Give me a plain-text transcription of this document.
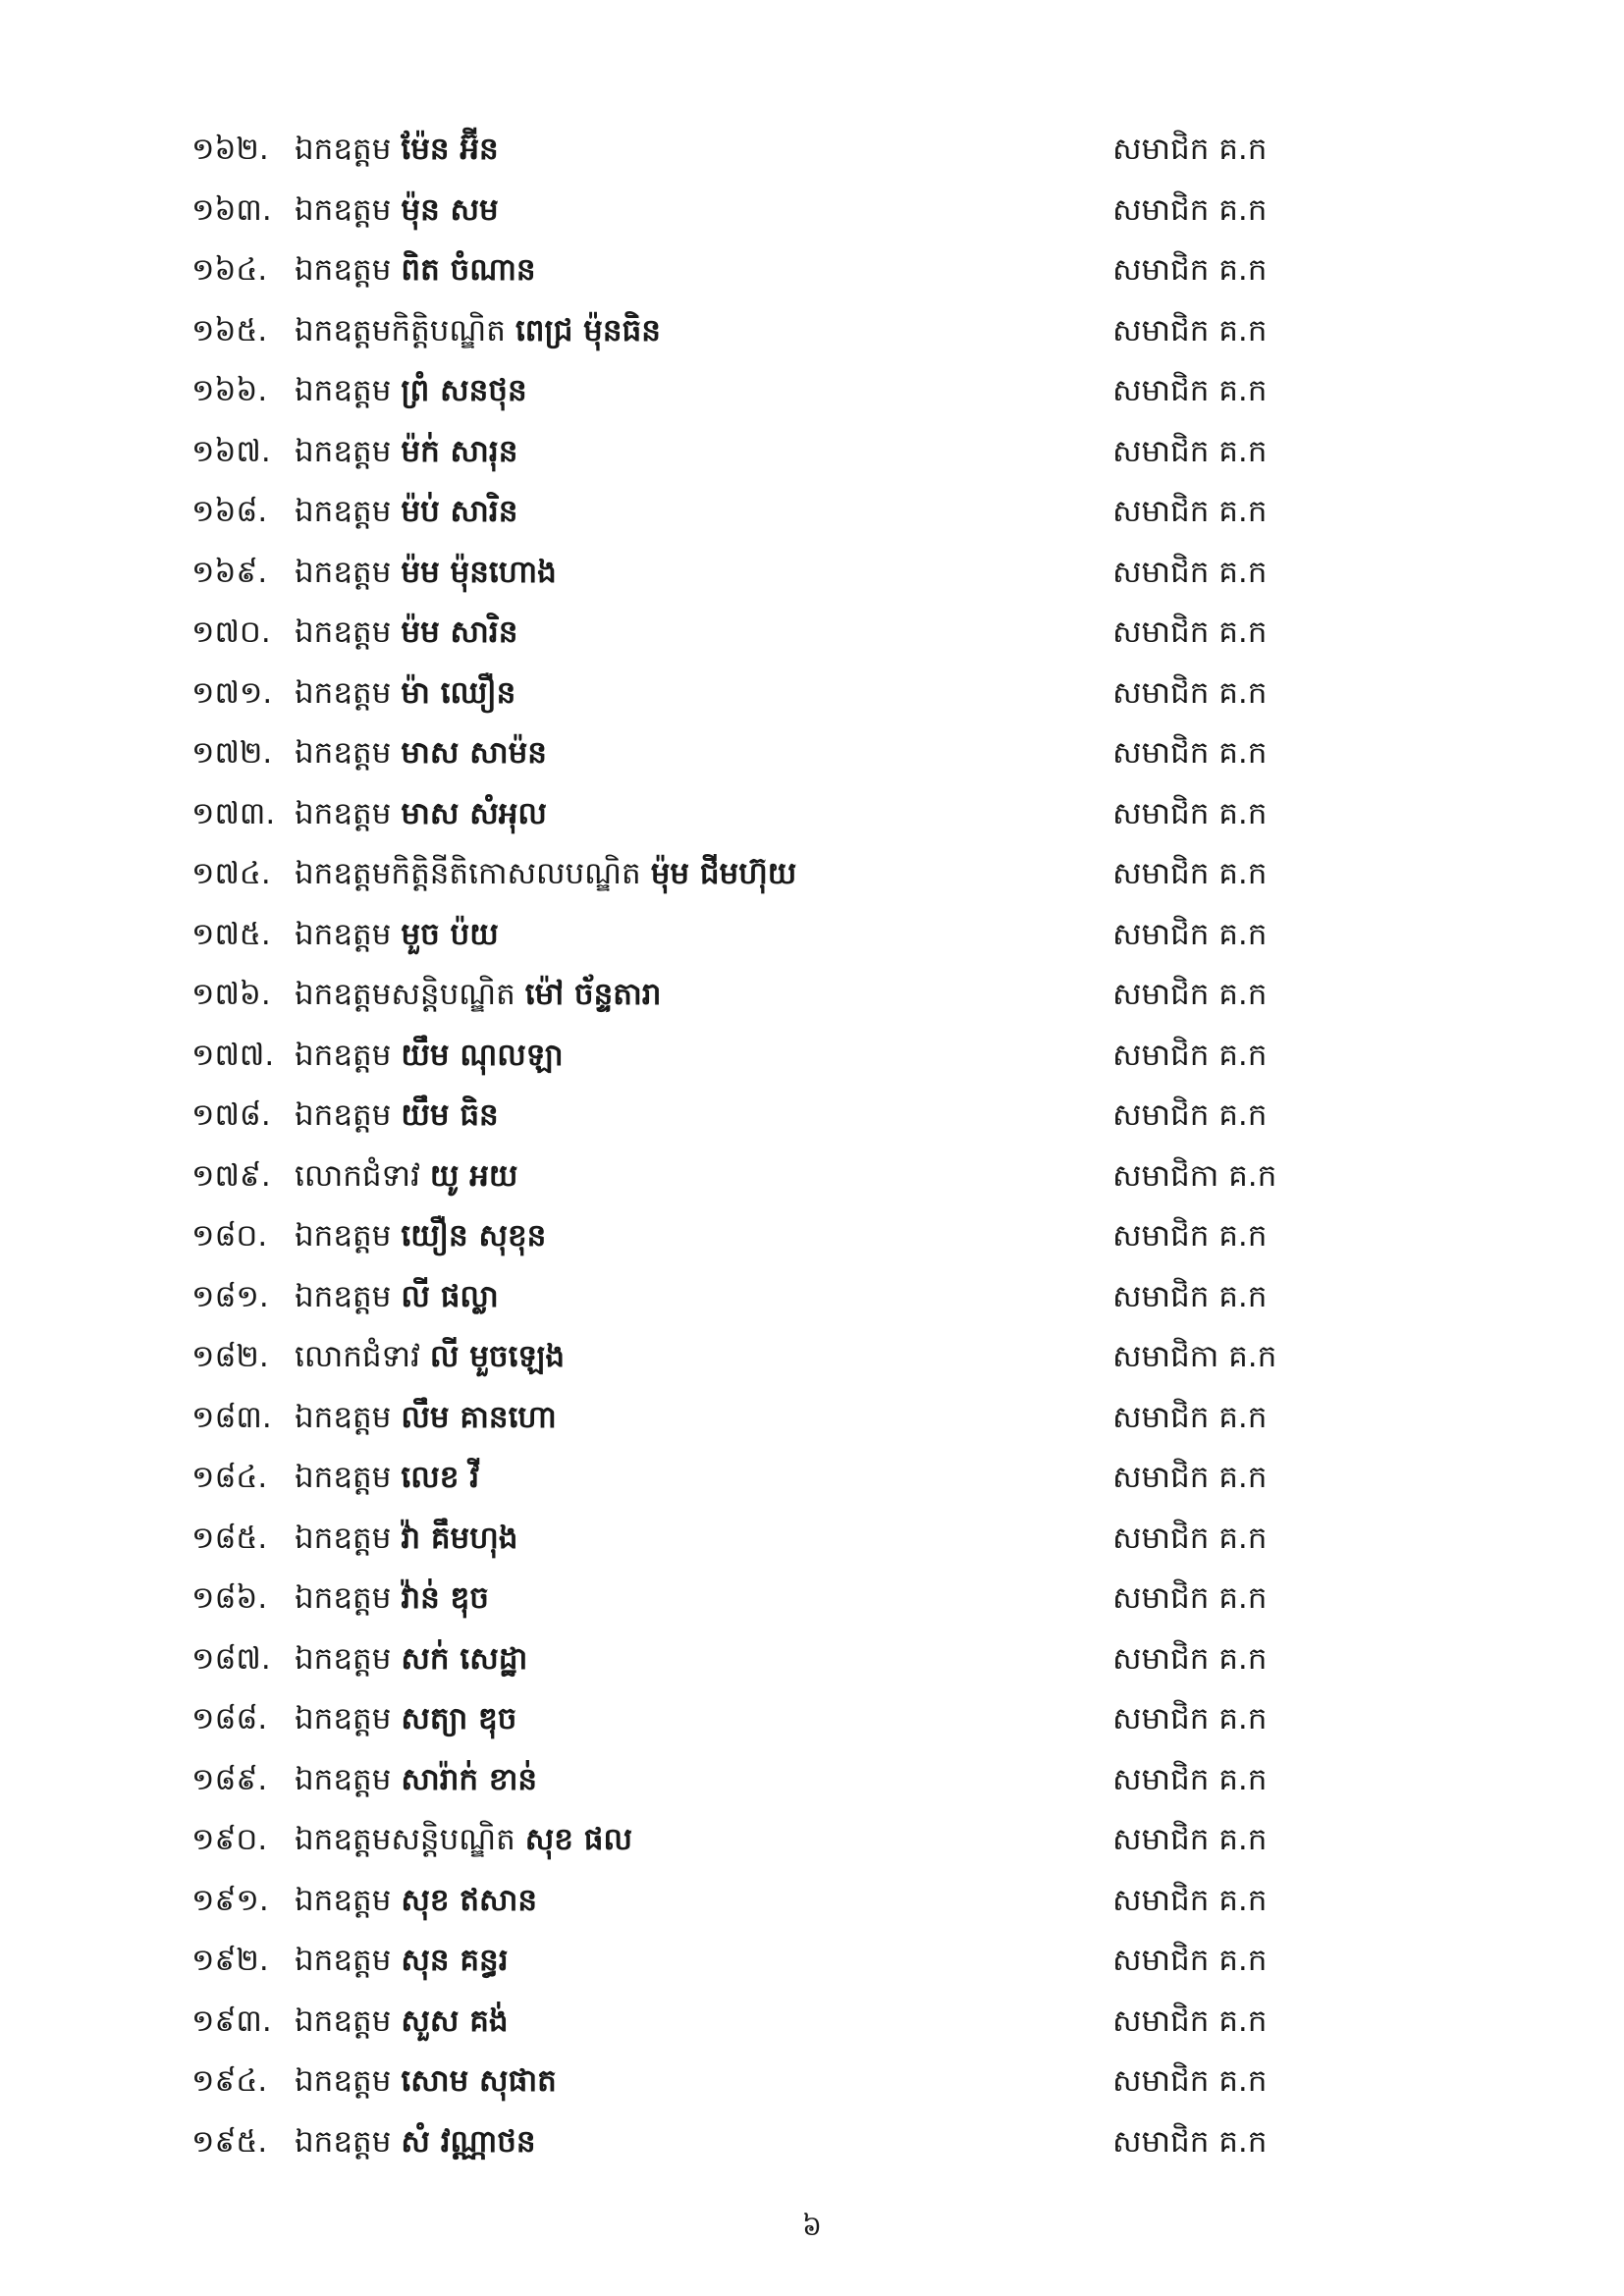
១៦២. ឯកឧត្តម ម៉ែន អ៊ីន	សមាជិក គ.ក
១៦៣. ឯកឧត្តម ម៉ុន សម	សមាជិក គ.ក
១៦៤. ឯកឧត្តម ពិត ចំណាន	សមាជិក គ.ក
១៦៥. ឯកឧត្តមកិត្តិបណ្ឌិត ពេជ្រ ម៉ុនធិន	សមាជិក គ.ក
១៦៦. ឯកឧត្តម ព្រំ សនថុន	សមាជិក គ.ក
១៦៧. ឯកឧត្តម ម៉ក់ សារុន	សមាជិក គ.ក
១៦៨. ឯកឧត្តម ម៉ប់ សារិន	សមាជិក គ.ក
១៦៩. ឯកឧត្តម ម៉ម ម៉ុនហោង	សមាជិក គ.ក
១៧០. ឯកឧត្តម ម៉ម សារិន	សមាជិក គ.ក
១៧១. ឯកឧត្តម ម៉ា ឈឿន	សមាជិក គ.ក
១៧២. ឯកឧត្តម មាស សាម៉ន	សមាជិក គ.ក
១៧៣. ឯកឧត្តម មាស សំអុល	សមាជិក គ.ក
១៧៤. ឯកឧត្តមកិត្តិនីតិកោសលបណ្ឌិត ម៉ុម ជីមហ៊ុយ	សមាជិក គ.ក
១៧៥. ឯកឧត្តម មួច ប៉យ	សមាជិក គ.ក
១៧៦. ឯកឧត្តមសន្តិបណ្ឌិត ម៉ៅ ច័ន្ទតារា	សមាជិក គ.ក
១៧៧. ឯកឧត្តម យឹម ណុលឡា	សមាជិក គ.ក
១៧៨. ឯកឧត្តម យឹម ធិន	សមាជិក គ.ក
១៧៩. លោកជំទាវ យូ អយ	សមាជិកា គ.ក
១៨០. ឯកឧត្តម យឿន សុខុន	សមាជិក គ.ក
១៨១. ឯកឧត្តម លី ផល្លា	សមាជិក គ.ក
១៨២. លោកជំទាវ លី មួចឡេង	សមាជិកា គ.ក
១៨៣. ឯកឧត្តម លឹម គានហោ	សមាជិក គ.ក
១៨៤. ឯកឧត្តម លេខ វី	សមាជិក គ.ក
១៨៥. ឯកឧត្តម វ៉ា គឹមហុង	សមាជិក គ.ក
១៨៦. ឯកឧត្តម វ៉ាន់ ឌុច	សមាជិក គ.ក
១៨៧. ឯកឧត្តម សក់ សេដ្ឋា	សមាជិក គ.ក
១៨៨. ឯកឧត្តម សត្យា ឌុច	សមាជិក គ.ក
១៨៩. ឯកឧត្តម សារ៉ាក់ ខាន់	សមាជិក គ.ក
១៩០. ឯកឧត្តមសន្តិបណ្ឌិត សុខ ផល	សមាជិក គ.ក
១៩១. ឯកឧត្តម សុខ ឥសាន	សមាជិក គ.ក
១៩២. ឯកឧត្តម សុន គន្ធរ	សមាជិក គ.ក
១៩៣. ឯកឧត្តម សួស គង់	សមាជិក គ.ក
១៩៤. ឯកឧត្តម សោម សុផាត	សមាជិក គ.ក
១៩៥. ឯកឧត្តម សំ វណ្ណាថន	សមាជិក គ.ក
៦
